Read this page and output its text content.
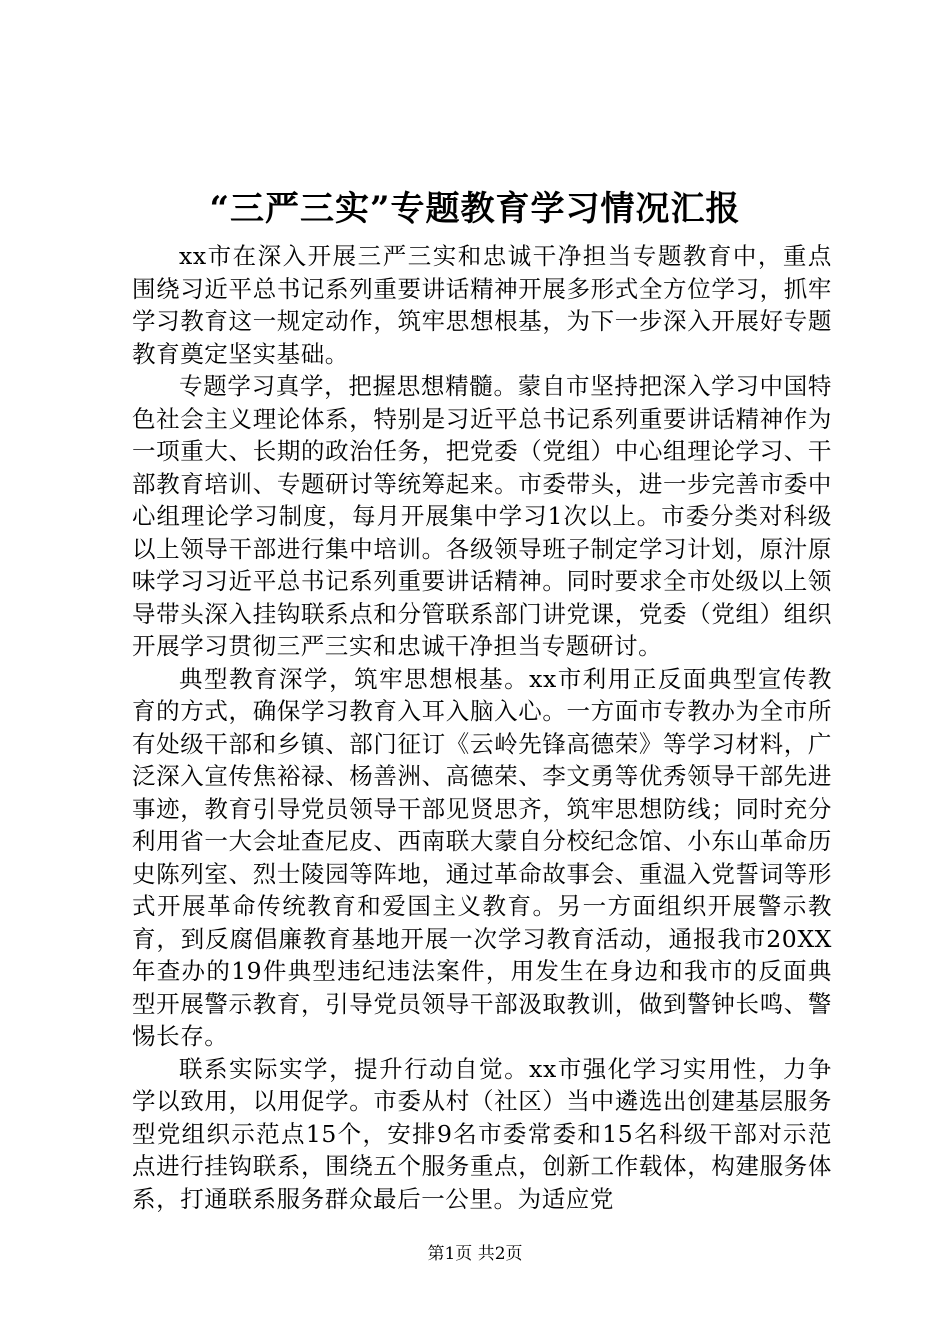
“三严三实”专题教育学习情况汇报

xx市在深入开展三严三实和忠诚干净担当专题教育中，重点围绕习近平总书记系列重要讲话精神开展多形式全方位学习，抓牢学习教育这一规定动作，筑牢思想根基，为下一步深入开展好专题教育奠定坚实基础。

专题学习真学，把握思想精髓。蒙自市坚持把深入学习中国特色社会主义理论体系，特别是习近平总书记系列重要讲话精神作为一项重大、长期的政治任务，把党委（党组）中心组理论学习、干部教育培训、专题研讨等统筹起来。市委带头，进一步完善市委中心组理论学习制度，每月开展集中学习1次以上。市委分类对科级以上领导干部进行集中培训。各级领导班子制定学习计划，原汁原味学习习近平总书记系列重要讲话精神。同时要求全市处级以上领导带头深入挂钩联系点和分管联系部门讲党课，党委（党组）组织开展学习贯彻三严三实和忠诚干净担当专题研讨。

典型教育深学，筑牢思想根基。xx市利用正反面典型宣传教育的方式，确保学习教育入耳入脑入心。一方面市专教办为全市所有处级干部和乡镇、部门征订《云岭先锋高德荣》等学习材料，广泛深入宣传焦裕禄、杨善洲、高德荣、李文勇等优秀领导干部先进事迹，教育引导党员领导干部见贤思齐，筑牢思想防线；同时充分利用省一大会址查尼皮、西南联大蒙自分校纪念馆、小东山革命历史陈列室、烈士陵园等阵地，通过革命故事会、重温入党誓词等形式开展革命传统教育和爱国主义教育。另一方面组织开展警示教育，到反腐倡廉教育基地开展一次学习教育活动，通报我市20XX年查办的19件典型违纪违法案件，用发生在身边和我市的反面典型开展警示教育，引导党员领导干部汲取教训，做到警钟长鸣、警惕长存。

联系实际实学，提升行动自觉。xx市强化学习实用性，力争学以致用，以用促学。市委从村（社区）当中遴选出创建基层服务型党组织示范点15个，安排9名市委常委和15名科级干部对示范点进行挂钩联系，围绕五个服务重点，创新工作载体，构建服务体系，打通联系服务群众最后一公里。为适应党

第1页 共2页
